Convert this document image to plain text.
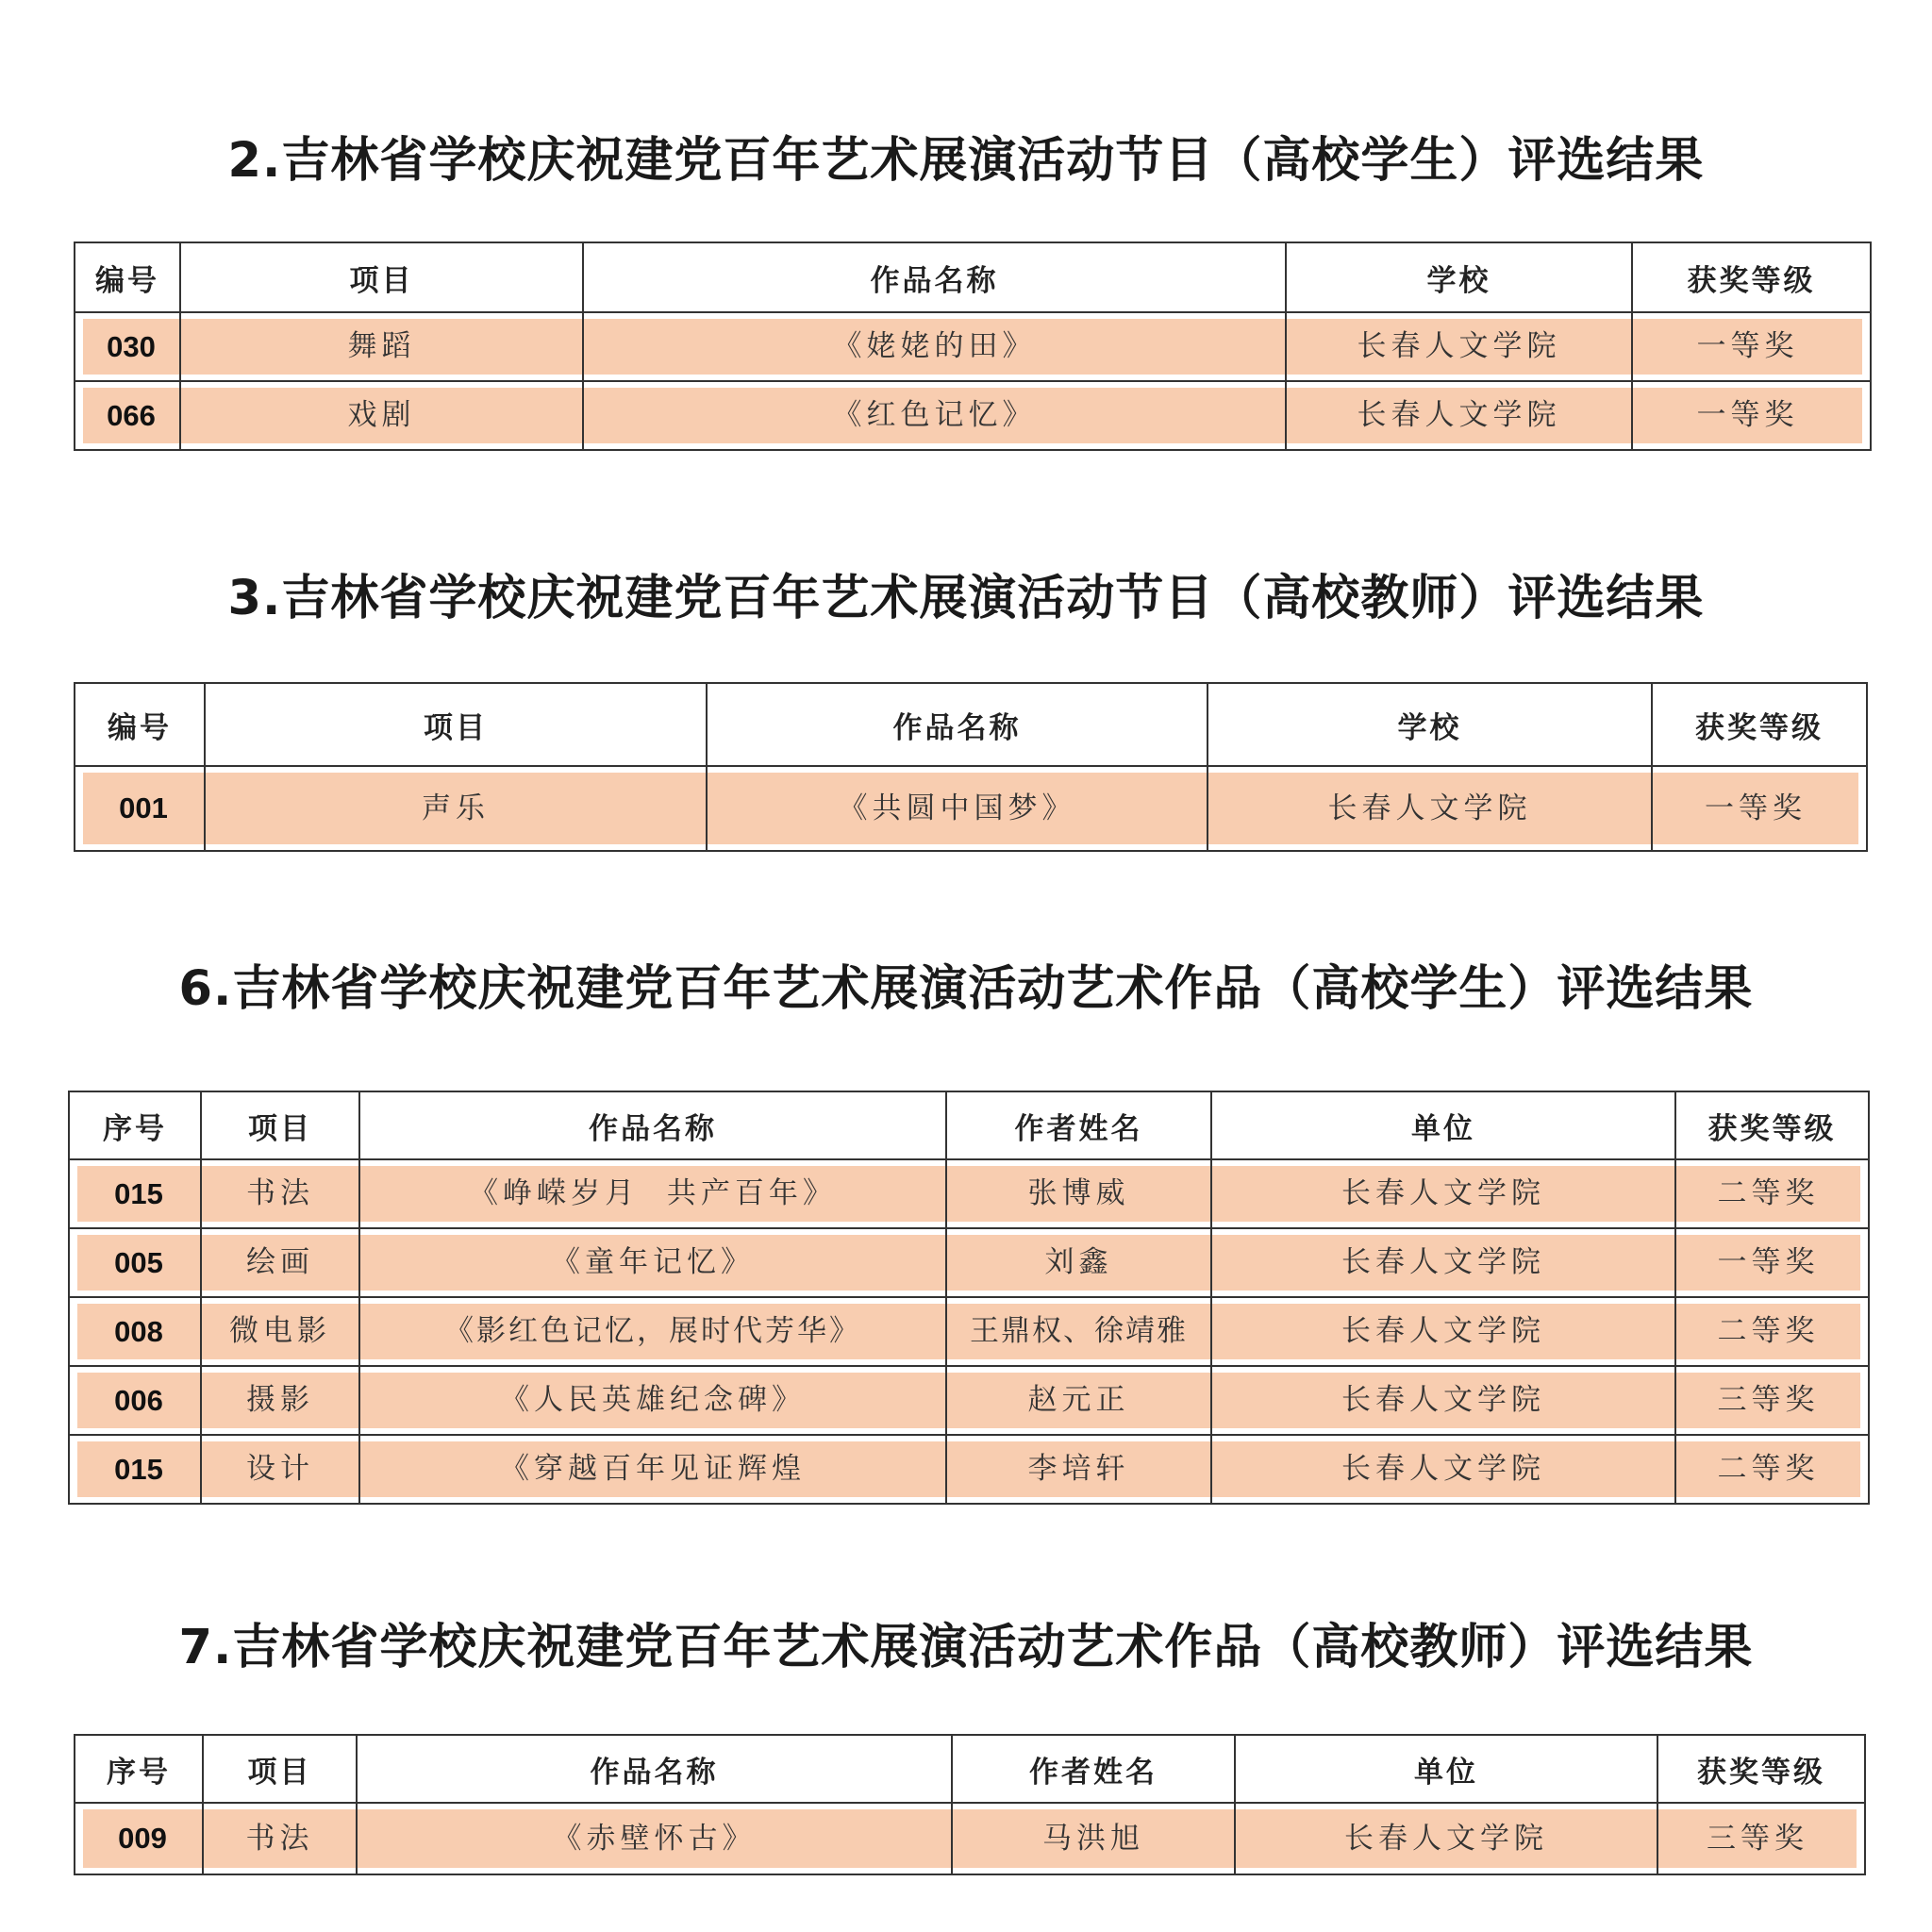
2.吉林省学校庆祝建党百年艺术展演活动节目（高校学生）评选结果
编号	项目	作品名称	学校	获奖等级

030	舞蹈	《姥姥的田》	长春人文学院	一等奖

066	戏剧	《红色记忆》	长春人文学院	一等奖
3.吉林省学校庆祝建党百年艺术展演活动节目（高校教师）评选结果
编号	项目	作品名称	学校	获奖等级

001	声乐	《共圆中国梦》	长春人文学院	一等奖
6.吉林省学校庆祝建党百年艺术展演活动艺术作品（高校学生）评选结果
序号	项目	作品名称	作者姓名	单位	获奖等级

015	书法	《峥嵘岁月  共产百年》	张博威	长春人文学院	二等奖

005	绘画	《童年记忆》	刘鑫	长春人文学院	一等奖

008	微电影	《影红色记忆，展时代芳华》	王鼎权、徐靖雅	长春人文学院	二等奖

006	摄影	《人民英雄纪念碑》	赵元正	长春人文学院	三等奖

015	设计	《穿越百年见证辉煌	李培轩	长春人文学院	二等奖
7.吉林省学校庆祝建党百年艺术展演活动艺术作品（高校教师）评选结果
序号	项目	作品名称	作者姓名	单位	获奖等级

009	书法	《赤壁怀古》	马洪旭	长春人文学院	三等奖
